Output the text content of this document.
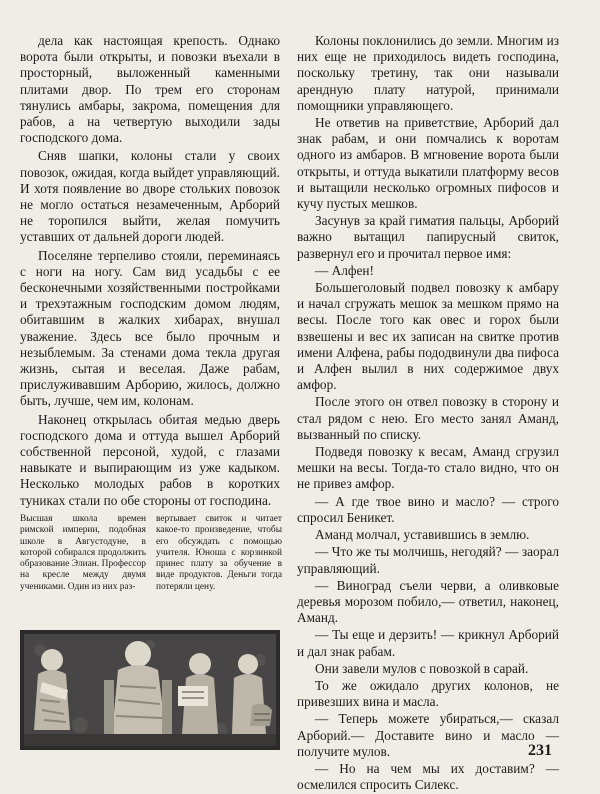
дела как настоящая крепость. Однако ворота были открыты, и повозки въехали в просторный, выложенный каменными плитами двор. По трем его сторонам тянулись амбары, закрома, помещения для рабов, а на четвертую выходили зады господского дома.

Сняв шапки, колоны стали у своих повозок, ожидая, когда выйдет управляющий. И хотя появление во дворе стольких повозок не могло остаться незамеченным, Арборий не торопился выйти, желая помучить уставших от дальней дороги людей.

Поселяне терпеливо стояли, переминаясь с ноги на ногу. Сам вид усадьбы с ее бесконечными хозяйственными постройками и трехэтажным господским домом людям, обитавшим в жалких хибарах, внушал уважение. Здесь все было прочным и незыблемым. За стенами дома текла другая жизнь, сытая и веселая. Даже рабам, прислуживавшим Арборию, жилось, должно быть, лучше, чем им, колонам.

Наконец открылась обитая медью дверь господского дома и оттуда вышел Арборий собственной персоной, худой, с глазами навыкате и выпирающим из уже кадыком. Несколько молодых рабов в коротких туниках стали по обе стороны от господина.

Колоны поклонились до земли. Многим из них еще не приходилось видеть господина, поскольку третину, так они называли арендную плату натурой, принимали помощники управляющего.

Не ответив на приветствие, Арборий дал знак рабам, и они помчались к воротам одного из амбаров. В мгновение ворота были открыты, и оттуда выкатили платформу весов и вытащили несколько огромных пифосов и кучу пустых мешков.

Засунув за край гиматия пальцы, Арборий важно вытащил папирусный свиток, развернул его и прочитал первое имя:

— Алфен!

Большеголовый подвел повозку к амбару и начал сгружать мешок за мешком прямо на весы. После того как овес и горох были взвешены и вес их записан на свитке против имени Алфена, рабы пододвинули два пифоса и Алфен вылил в них содержимое двух амфор.

После этого он отвел повозку в сторону и стал рядом с нею. Его место занял Аманд, вызванный по списку.

Подведя повозку к весам, Аманд сгрузил мешки на весы. Тогда-то стало видно, что он не привез амфор.

— А где твое вино и масло? — строго спросил Беникет.

Аманд молчал, уставившись в землю.

— Что же ты молчишь, негодяй? — заорал управляющий.

— Виноград съели черви, а оливковые деревья морозом побило,— ответил, наконец, Аманд.

— Ты еще и дерзить! — крикнул Арборий и дал знак рабам.

Они завели мулов с повозкой в сарай.

То же ожидало других колонов, не привезших вина и масла.

— Теперь можете убираться,— сказал Арборий.— Доставите вино и масло — получите мулов.

— Но на чем мы их доставим? — осмелился спросить Силекс.

Высшая школа времен римской империи, подобная школе в Августодуне, в которой собирался продолжить образование Элиан. Профессор на кресле между двумя учениками. Один из них раз-
вертывает свиток и читает какое-то произведение, чтобы его обсуждать с помощью учителя. Юноша с корзинкой принес плату за обучение в виде продуктов. Деньги тогда потеряли цену.
231
